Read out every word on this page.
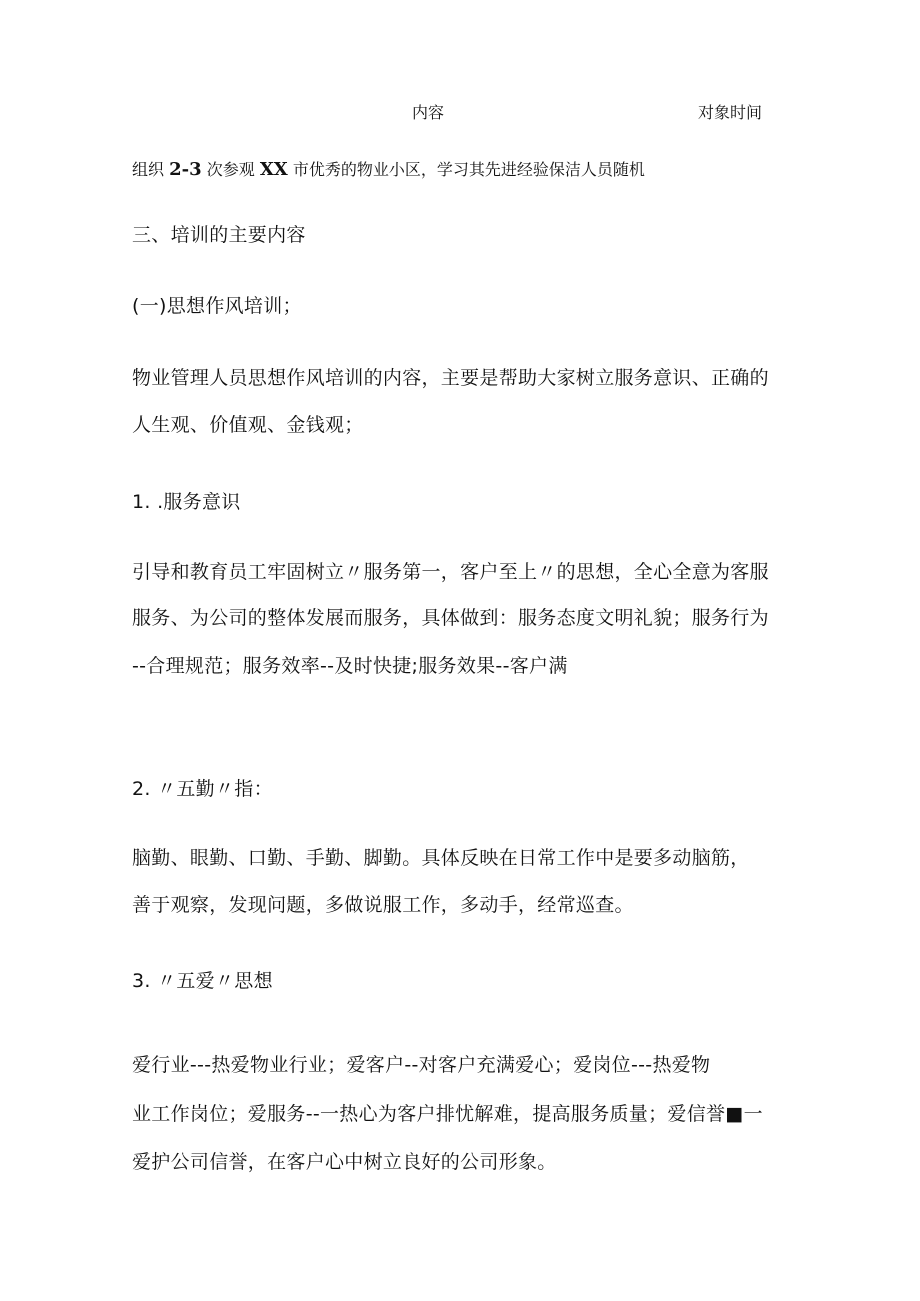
内容	对象时间
组织 2-3 次参观 XX 市优秀的物业小区，学习其先进经验保洁人员随机
三、培训的主要内容
(一)思想作风培训；
物业管理人员思想作风培训的内容，主要是帮助大家树立服务意识、正确的
人生观、价值观、金钱观；
1. .服务意识
引导和教育员工牢固树立〃服务第一，客户至上〃的思想，全心全意为客服
服务、为公司的整体发展而服务，具体做到：服务态度文明礼貌；服务行为
--合理规范；服务效率--及时快捷;服务效果--客户满
2. 〃五勤〃指：
脑勤、眼勤、口勤、手勤、脚勤。具体反映在日常工作中是要多动脑筋，
善于观察，发现问题，多做说服工作，多动手，经常巡查。
3. 〃五爱〃思想
爱行业---热爱物业行业；爱客户--对客户充满爱心；爱岗位---热爱物
业工作岗位；爱服务--一热心为客户排忧解难，提高服务质量；爱信誉■一
爱护公司信誉，在客户心中树立良好的公司形象。
